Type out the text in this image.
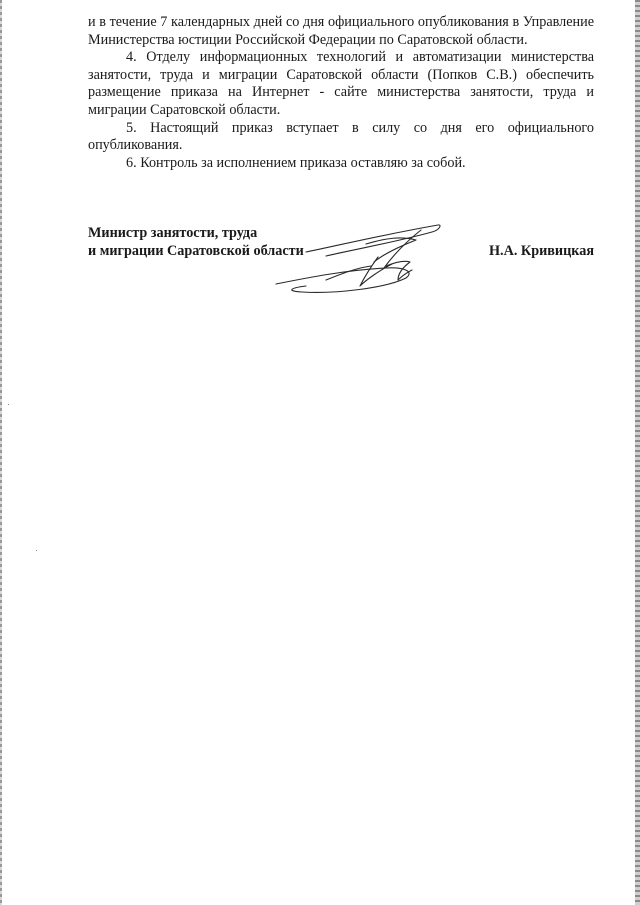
и в течение 7 календарных дней со дня официального опубликования в Управление Министерства юстиции Российской Федерации по Саратовской области.

4. Отделу информационных технологий и автоматизации министерства занятости, труда и миграции Саратовской области (Попков С.В.) обеспечить размещение приказа на Интернет - сайте министерства занятости, труда и миграции Саратовской области.

5. Настоящий приказ вступает в силу со дня его официального опубликования.

6. Контроль за исполнением приказа оставляю за собой.

Министр занятости, труда
и миграции Саратовской области	Н.А. Кривицкая
